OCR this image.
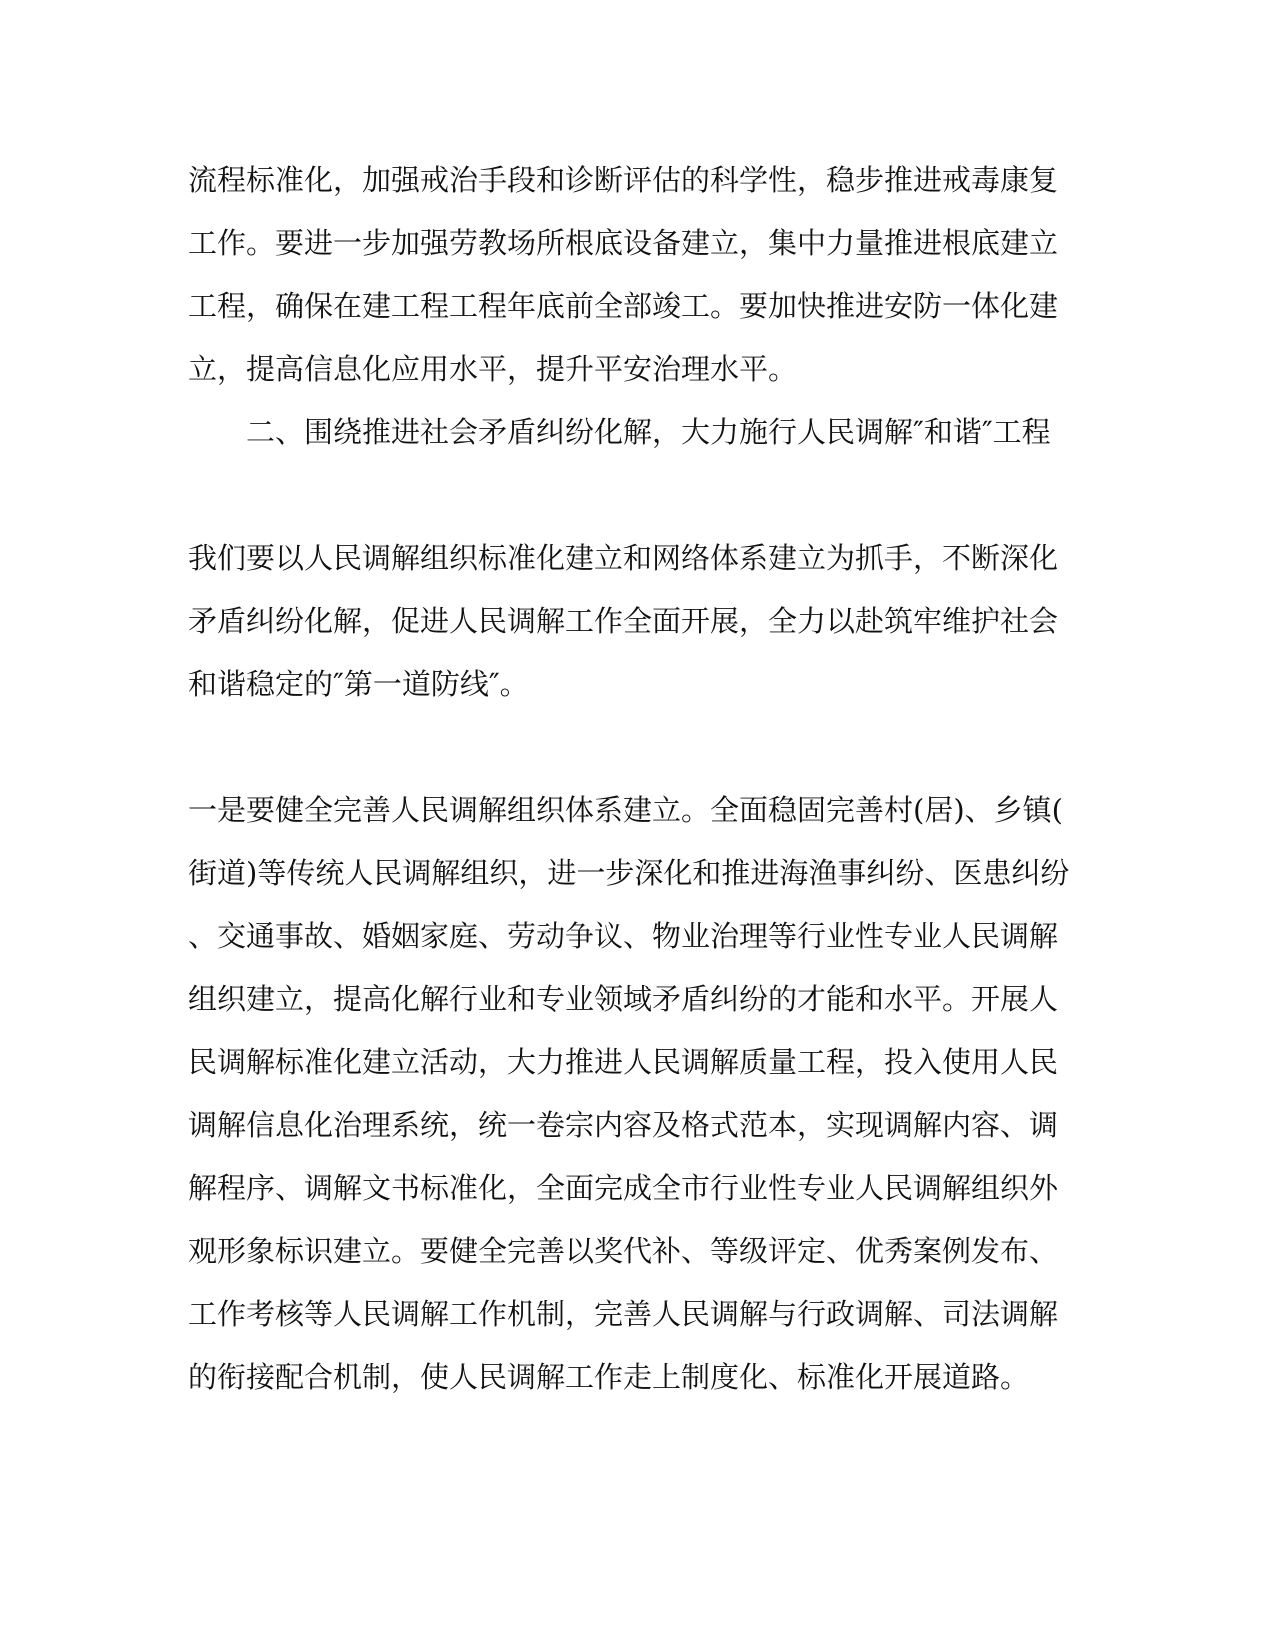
流程标准化，加强戒治手段和诊断评估的科学性，稳步推进戒毒康复

工作。要进一步加强劳教场所根底设备建立，集中力量推进根底建立

工程，确保在建工程工程年底前全部竣工。要加快推进安防一体化建

立，提高信息化应用水平，提升平安治理水平。

　　二、围绕推进社会矛盾纠纷化解，大力施行人民调解″和谐″工程

我们要以人民调解组织标准化建立和网络体系建立为抓手，不断深化

矛盾纠纷化解，促进人民调解工作全面开展，全力以赴筑牢维护社会

和谐稳定的″第一道防线″。

一是要健全完善人民调解组织体系建立。全面稳固完善村(居)、乡镇(

街道)等传统人民调解组织，进一步深化和推进海渔事纠纷、医患纠纷

、交通事故、婚姻家庭、劳动争议、物业治理等行业性专业人民调解

组织建立，提高化解行业和专业领域矛盾纠纷的才能和水平。开展人

民调解标准化建立活动，大力推进人民调解质量工程，投入使用人民

调解信息化治理系统，统一卷宗内容及格式范本，实现调解内容、调

解程序、调解文书标准化，全面完成全市行业性专业人民调解组织外

观形象标识建立。要健全完善以奖代补、等级评定、优秀案例发布、

工作考核等人民调解工作机制，完善人民调解与行政调解、司法调解

的衔接配合机制，使人民调解工作走上制度化、标准化开展道路。
